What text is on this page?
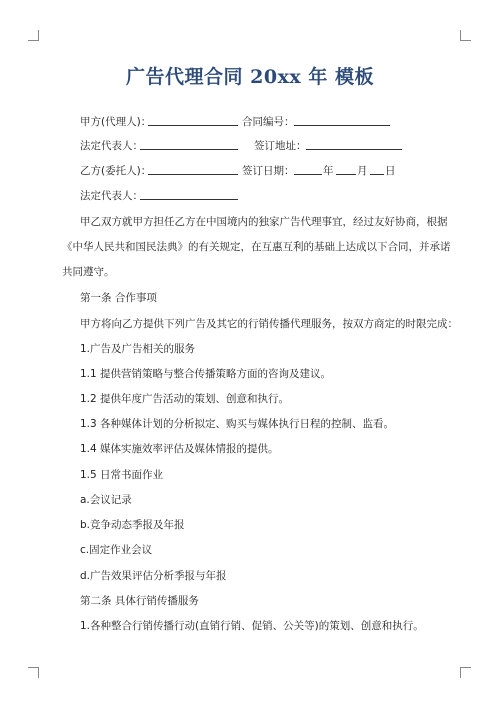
广告代理合同 20xx 年 模板
甲方(代理人)：	合同编号：
法定代表人：	签订地址：
乙方(委托人)：	签订日期：	年 月 日
法定代表人：
甲乙双方就甲方担任乙方在中国境内的独家广告代理事宜，经过友好协商，根据
《中华人民共和国民法典》的有关规定，在互惠互利的基础上达成以下合同，并承诺
共同遵守。
第一条 合作事项
甲方将向乙方提供下列广告及其它的行销传播代理服务，按双方商定的时限完成：
1.广告及广告相关的服务
1.1 提供营销策略与整合传播策略方面的咨询及建议。
1.2 提供年度广告活动的策划、创意和执行。
1.3 各种媒体计划的分析拟定、购买与媒体执行日程的控制、监看。
1.4 媒体实施效率评估及媒体情报的提供。
1.5 日常书面作业
a.会议记录
b.竞争动态季报及年报
c.固定作业会议
d.广告效果评估分析季报与年报
第二条 具体行销传播服务
1.各种整合行销传播行动(直销行销、促销、公关等)的策划、创意和执行。
